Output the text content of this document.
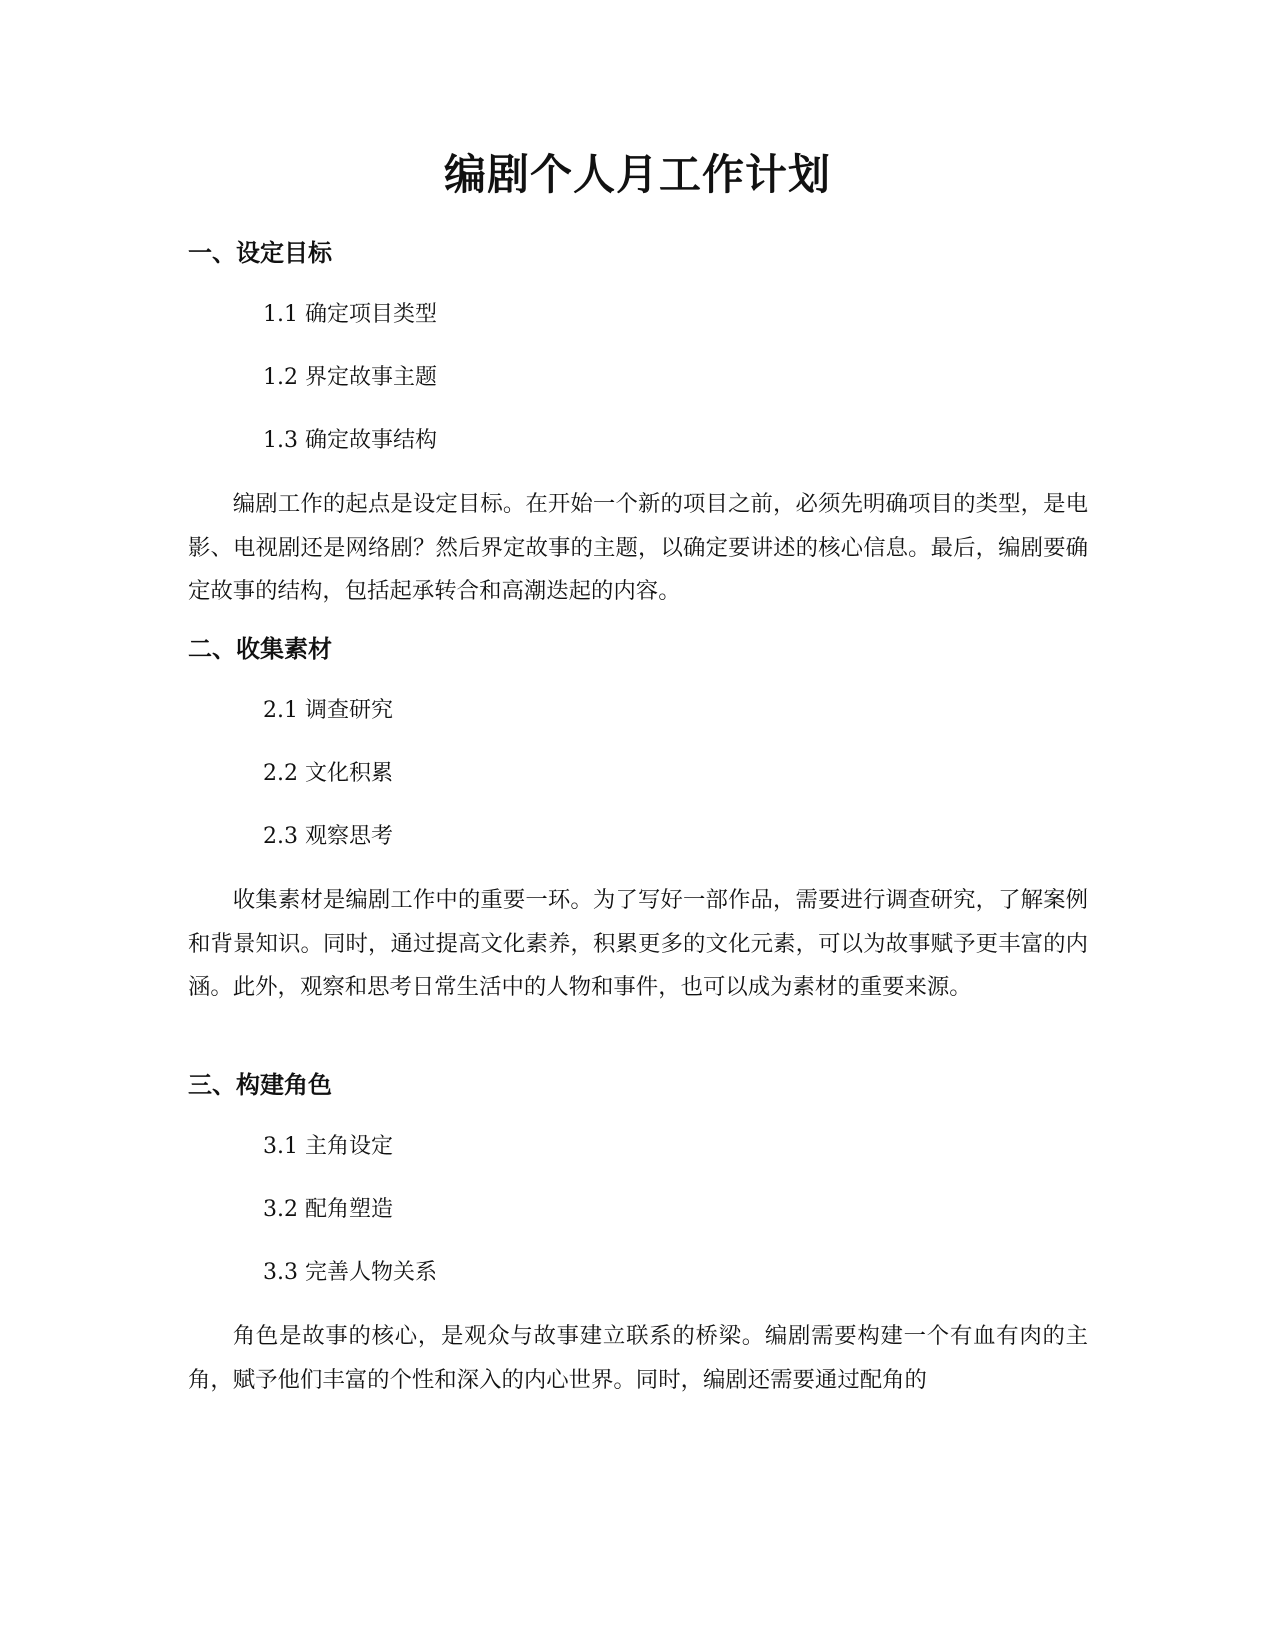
编剧个人月工作计划
一、设定目标

1.1 确定项目类型

1.2 界定故事主题

1.3 确定故事结构

编剧工作的起点是设定目标。在开始一个新的项目之前，必须先明确项目的类型，是电影、电视剧还是网络剧？然后界定故事的主题，以确定要讲述的核心信息。最后，编剧要确定故事的结构，包括起承转合和高潮迭起的内容。

二、收集素材

2.1 调查研究

2.2 文化积累

2.3 观察思考

收集素材是编剧工作中的重要一环。为了写好一部作品，需要进行调查研究，了解案例和背景知识。同时，通过提高文化素养，积累更多的文化元素，可以为故事赋予更丰富的内涵。此外，观察和思考日常生活中的人物和事件，也可以成为素材的重要来源。

三、构建角色

3.1 主角设定

3.2 配角塑造

3.3 完善人物关系

角色是故事的核心，是观众与故事建立联系的桥梁。编剧需要构建一个有血有肉的主角，赋予他们丰富的个性和深入的内心世界。同时，编剧还需要通过配角的
